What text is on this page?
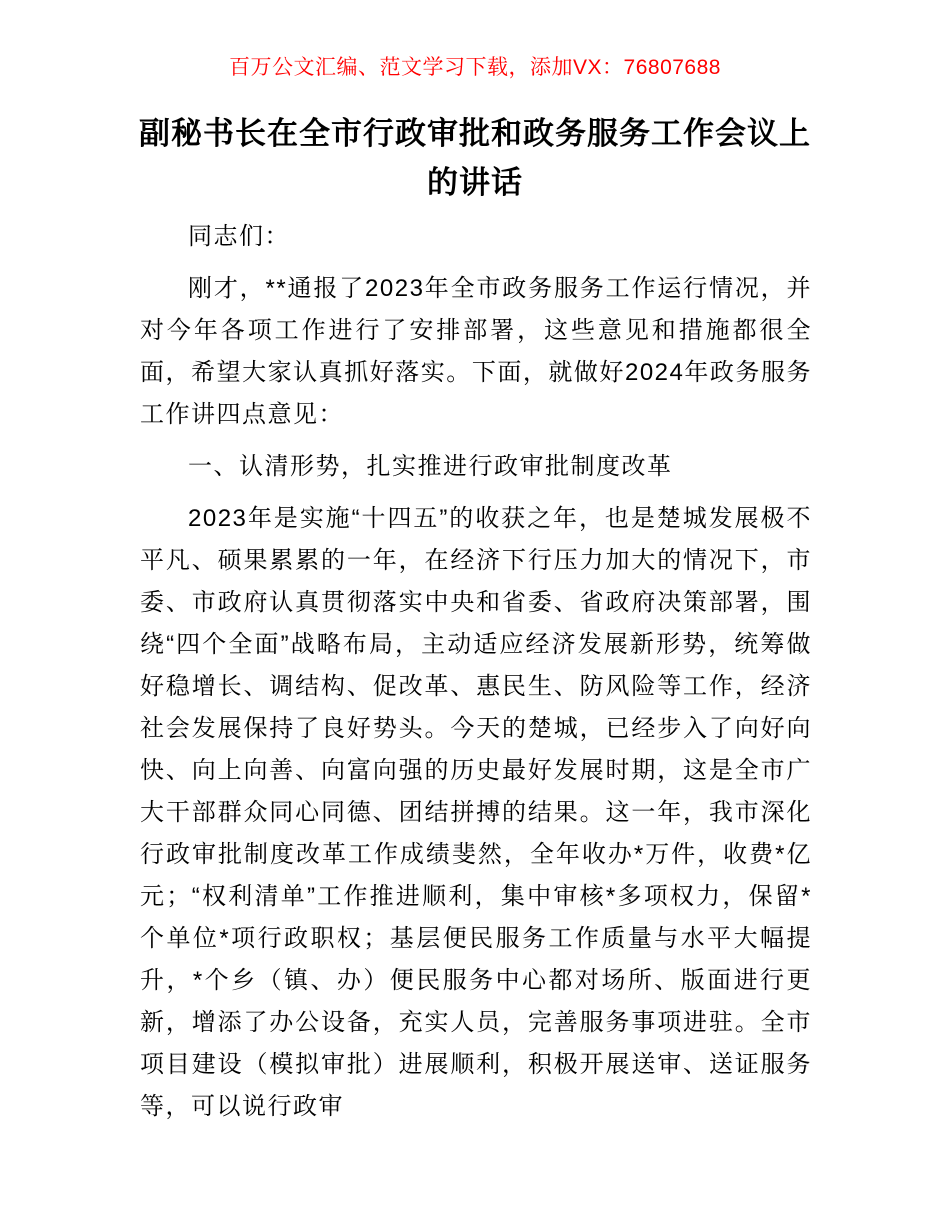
百万公文汇编、范文学习下载，添加VX：76807688
副秘书长在全市行政审批和政务服务工作会议上的讲话

同志们：

刚才，**通报了2023年全市政务服务工作运行情况，并对今年各项工作进行了安排部署，这些意见和措施都很全面，希望大家认真抓好落实。下面，就做好2024年政务服务工作讲四点意见：

一、认清形势，扎实推进行政审批制度改革

2023年是实施“十四五”的收获之年，也是楚城发展极不平凡、硕果累累的一年，在经济下行压力加大的情况下，市委、市政府认真贯彻落实中央和省委、省政府决策部署，围绕“四个全面”战略布局，主动适应经济发展新形势，统筹做好稳增长、调结构、促改革、惠民生、防风险等工作，经济社会发展保持了良好势头。今天的楚城，已经步入了向好向快、向上向善、向富向强的历史最好发展时期，这是全市广大干部群众同心同德、团结拼搏的结果。这一年，我市深化行政审批制度改革工作成绩斐然，全年收办*万件，收费*亿元；“权利清单”工作推进顺利，集中审核*多项权力，保留*个单位*项行政职权；基层便民服务工作质量与水平大幅提升，*个乡（镇、办）便民服务中心都对场所、版面进行更新，增添了办公设备，充实人员，完善服务事项进驻。全市项目建设（模拟审批）进展顺利，积极开展送审、送证服务等，可以说行政审
